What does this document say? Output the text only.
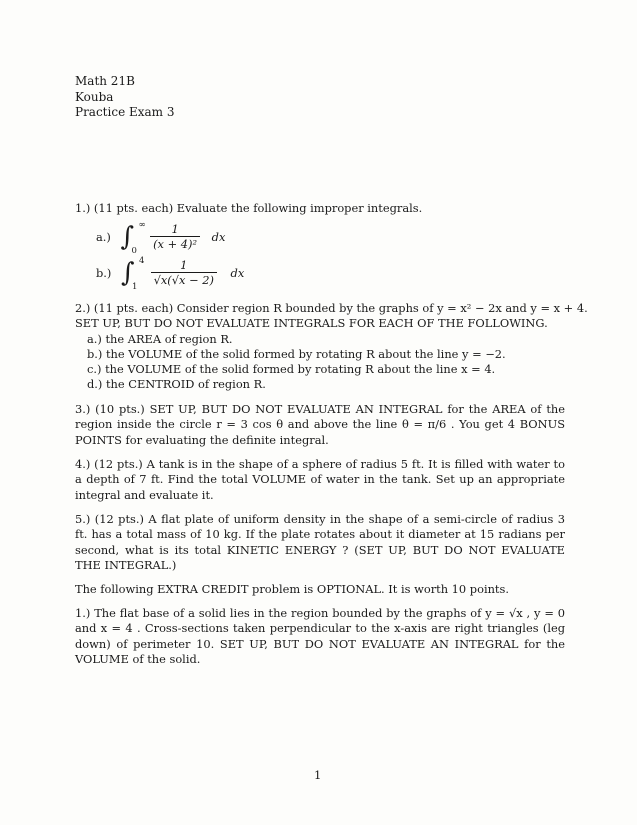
Math 21B
Kouba
Practice Exam 3
1.) (11 pts. each) Evaluate the following improper integrals.
a.) ∫ ∞
0
$\frac{1}{\text{(x + 4)²}}$ dx
b.) ∫ 4
1
$\frac{1}{√x(√x - 2)}$ dx
2.) (11 pts. each) Consider region R bounded by the graphs of y = x² − 2x and y = x + 4.
SET UP, BUT DO NOT EVALUATE INTEGRALS FOR EACH OF THE FOLLOWING.
a.) the AREA of region R.
b.) the VOLUME of the solid formed by rotating R about the line y = −2.
c.) the VOLUME of the solid formed by rotating R about the line x = 4.
d.) the CENTROID of region R.
3.) (10 pts.) SET UP, BUT DO NOT EVALUATE AN INTEGRAL for the AREA of the region inside the circle r = 3 cos θ and above the line θ = π/6 . You get 4 BONUS POINTS for evaluating the definite integral.
4.) (12 pts.) A tank is in the shape of a sphere of radius 5 ft. It is filled with water to a depth of 7 ft. Find the total VOLUME of water in the tank. Set up an appropriate integral and evaluate it.
5.) (12 pts.) A flat plate of uniform density in the shape of a semi-circle of radius 3 ft. has a total mass of 10 kg. If the plate rotates about it diameter at 15 radians per second, what is its total KINETIC ENERGY ? (SET UP, BUT DO NOT EVALUATE THE INTEGRAL.)
The following EXTRA CREDIT problem is OPTIONAL. It is worth 10 points.
1.) The flat base of a solid lies in the region bounded by the graphs of y = √x , y = 0 and x = 4 . Cross-sections taken perpendicular to the x-axis are right triangles (leg down) of perimeter 10. SET UP, BUT DO NOT EVALUATE AN INTEGRAL for the VOLUME of the solid.
1
